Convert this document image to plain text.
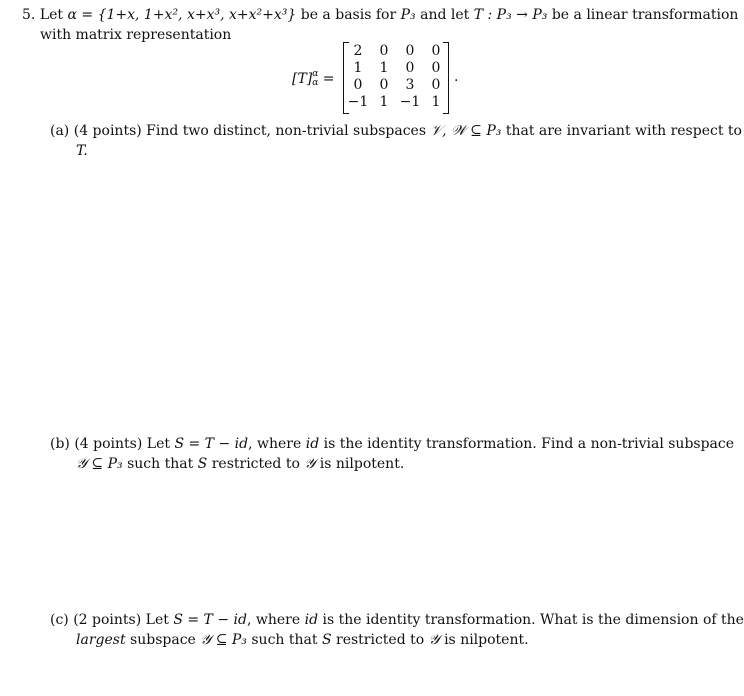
5. Let α = {1+x, 1+x², x+x³, x+x²+x³} be a basis for P₃ and let T : P₃ → P₃ be a linear transformation
with matrix representation
[T] α
α =
2	0	0	0
1	1	0	0
0	0	3	0
−1 1 −1 1
.
(a) (4 points) Find two distinct, non-trivial subspaces 𝒱, 𝒲 ⊆ P₃ that are invariant with respect to
T.
(b) (4 points) Let S = T − id, where id is the identity transformation. Find a non-trivial subspace
𝒴 ⊆ P₃ such that S restricted to 𝒴 is nilpotent.
(c) (2 points) Let S = T − id, where id is the identity transformation. What is the dimension of the
largest subspace 𝒴 ⊆ P₃ such that S restricted to 𝒴 is nilpotent.
